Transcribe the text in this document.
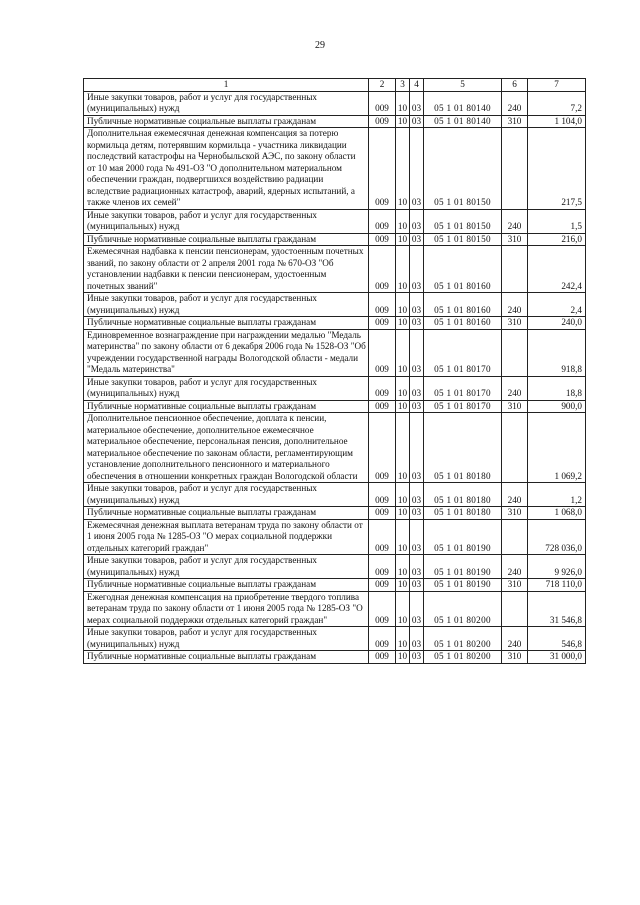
29
1	2	3	4	5	6	7
Иные закупки товаров, работ и услуг для государственных (муниципальных) нужд	009	10	03	05 1 01 80140	240	7,2
Публичные нормативные социальные выплаты гражданам	009	10	03	05 1 01 80140	310	1 104,0
Дополнительная ежемесячная денежная компенсация за потерю кормильца детям, потерявшим кормильца - участника ликвидации последствий катастрофы на Чернобыльской АЭС, по закону области от 10 мая 2000 года № 491-ОЗ "О дополнительном материальном обеспечении граждан, подвергшихся воздействию радиации вследствие радиационных катастроф, аварий, ядерных испытаний, а также членов их семей"	009	10	03	05 1 01 80150		217,5
Иные закупки товаров, работ и услуг для государственных (муниципальных) нужд	009	10	03	05 1 01 80150	240	1,5
Публичные нормативные социальные выплаты гражданам	009	10	03	05 1 01 80150	310	216,0
Ежемесячная надбавка к пенсии пенсионерам, удостоенным почетных званий, по закону области от 2 апреля 2001 года № 670-ОЗ "Об установлении надбавки к пенсии пенсионерам, удостоенным почетных званий"	009	10	03	05 1 01 80160		242,4
Иные закупки товаров, работ и услуг для государственных (муниципальных) нужд	009	10	03	05 1 01 80160	240	2,4
Публичные нормативные социальные выплаты гражданам	009	10	03	05 1 01 80160	310	240,0
Единовременное вознаграждение при награждении медалью "Медаль материнства" по закону области от 6 декабря 2006 года № 1528-ОЗ "Об учреждении государственной награды Вологодской области - медали "Медаль материнства"	009	10	03	05 1 01 80170		918,8
Иные закупки товаров, работ и услуг для государственных (муниципальных) нужд	009	10	03	05 1 01 80170	240	18,8
Публичные нормативные социальные выплаты гражданам	009	10	03	05 1 01 80170	310	900,0
Дополнительное пенсионное обеспечение, доплата к пенсии, материальное обеспечение, дополнительное ежемесячное материальное обеспечение, персональная пенсия, дополнительное материальное обеспечение по законам области, регламентирующим установление дополнительного пенсионного и материального обеспечения в отношении конкретных граждан Вологодской области	009	10	03	05 1 01 80180		1 069,2
Иные закупки товаров, работ и услуг для государственных (муниципальных) нужд	009	10	03	05 1 01 80180	240	1,2
Публичные нормативные социальные выплаты гражданам	009	10	03	05 1 01 80180	310	1 068,0
Ежемесячная денежная выплата ветеранам труда по закону области от 1 июня 2005 года № 1285-ОЗ "О мерах социальной поддержки отдельных категорий граждан"	009	10	03	05 1 01 80190		728 036,0
Иные закупки товаров, работ и услуг для государственных (муниципальных) нужд	009	10	03	05 1 01 80190	240	9 926,0
Публичные нормативные социальные выплаты гражданам	009	10	03	05 1 01 80190	310	718 110,0
Ежегодная денежная компенсация на приобретение твердого топлива ветеранам труда по закону области от 1 июня 2005 года № 1285-ОЗ "О мерах социальной поддержки отдельных категорий граждан"	009	10	03	05 1 01 80200		31 546,8
Иные закупки товаров, работ и услуг для государственных (муниципальных) нужд	009	10	03	05 1 01 80200	240	546,8
Публичные нормативные социальные выплаты гражданам	009	10	03	05 1 01 80200	310	31 000,0
